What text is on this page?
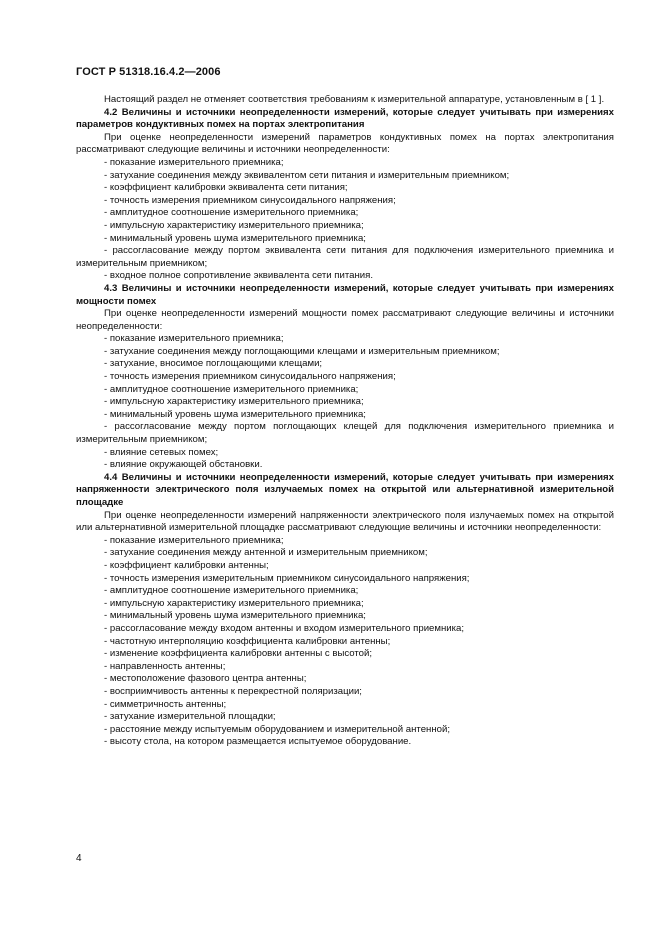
ГОСТ Р 51318.16.4.2—2006

Настоящий раздел не отменяет соответствия требованиям к измерительной аппаратуре, установленным в [ 1 ].

4.2 Величины и источники неопределенности измерений, которые следует учитывать при измерениях параметров кондуктивных помех на портах электропитания

При оценке неопределенности измерений параметров кондуктивных помех на портах электропитания рассматривают следующие величины и источники неопределенности:

- показание измерительного приемника;

- затухание соединения между эквивалентом сети питания и измерительным приемником;

- коэффициент калибровки эквивалента сети питания;

- точность измерения приемником синусоидального напряжения;

- амплитудное соотношение измерительного приемника;

- импульсную характеристику измерительного приемника;

- минимальный уровень шума измерительного приемника;

- рассогласование между портом эквивалента сети питания для подключения измерительного приемника и измерительным приемником;

- входное полное сопротивление эквивалента сети питания.

4.3 Величины и источники неопределенности измерений, которые следует учитывать при измерениях мощности помех

При оценке неопределенности измерений мощности помех рассматривают следующие величины и источники неопределенности:

- показание измерительного приемника;

- затухание соединения между поглощающими клещами и измерительным приемником;

- затухание, вносимое поглощающими клещами;

- точность измерения приемником синусоидального напряжения;

- амплитудное соотношение измерительного приемника;

- импульсную характеристику измерительного приемника;

- минимальный уровень шума измерительного приемника;

- рассогласование между портом поглощающих клещей для подключения измерительного приемника и измерительным приемником;

- влияние сетевых помех;

- влияние окружающей обстановки.

4.4 Величины и источники неопределенности измерений, которые следует учитывать при измерениях напряженности электрического поля излучаемых помех на открытой или альтернативной измерительной площадке

При оценке неопределенности измерений напряженности электрического поля излучаемых помех на открытой или альтернативной измерительной площадке рассматривают следующие величины и источники неопределенности:

- показание измерительного приемника;

- затухание соединения между антенной и измерительным приемником;

- коэффициент калибровки антенны;

- точность измерения измерительным приемником синусоидального напряжения;

- амплитудное соотношение измерительного приемника;

- импульсную характеристику измерительного приемника;

- минимальный уровень шума измерительного приемника;

- рассогласование между входом антенны и входом измерительного приемника;

- частотную интерполяцию коэффициента калибровки антенны;

- изменение коэффициента калибровки антенны с высотой;

- направленность антенны;

- местоположение фазового центра антенны;

- восприимчивость антенны к перекрестной поляризации;

- симметричность антенны;

- затухание измерительной площадки;

- расстояние между испытуемым оборудованием и измерительной антенной;

- высоту стола, на котором размещается испытуемое оборудование.

4
